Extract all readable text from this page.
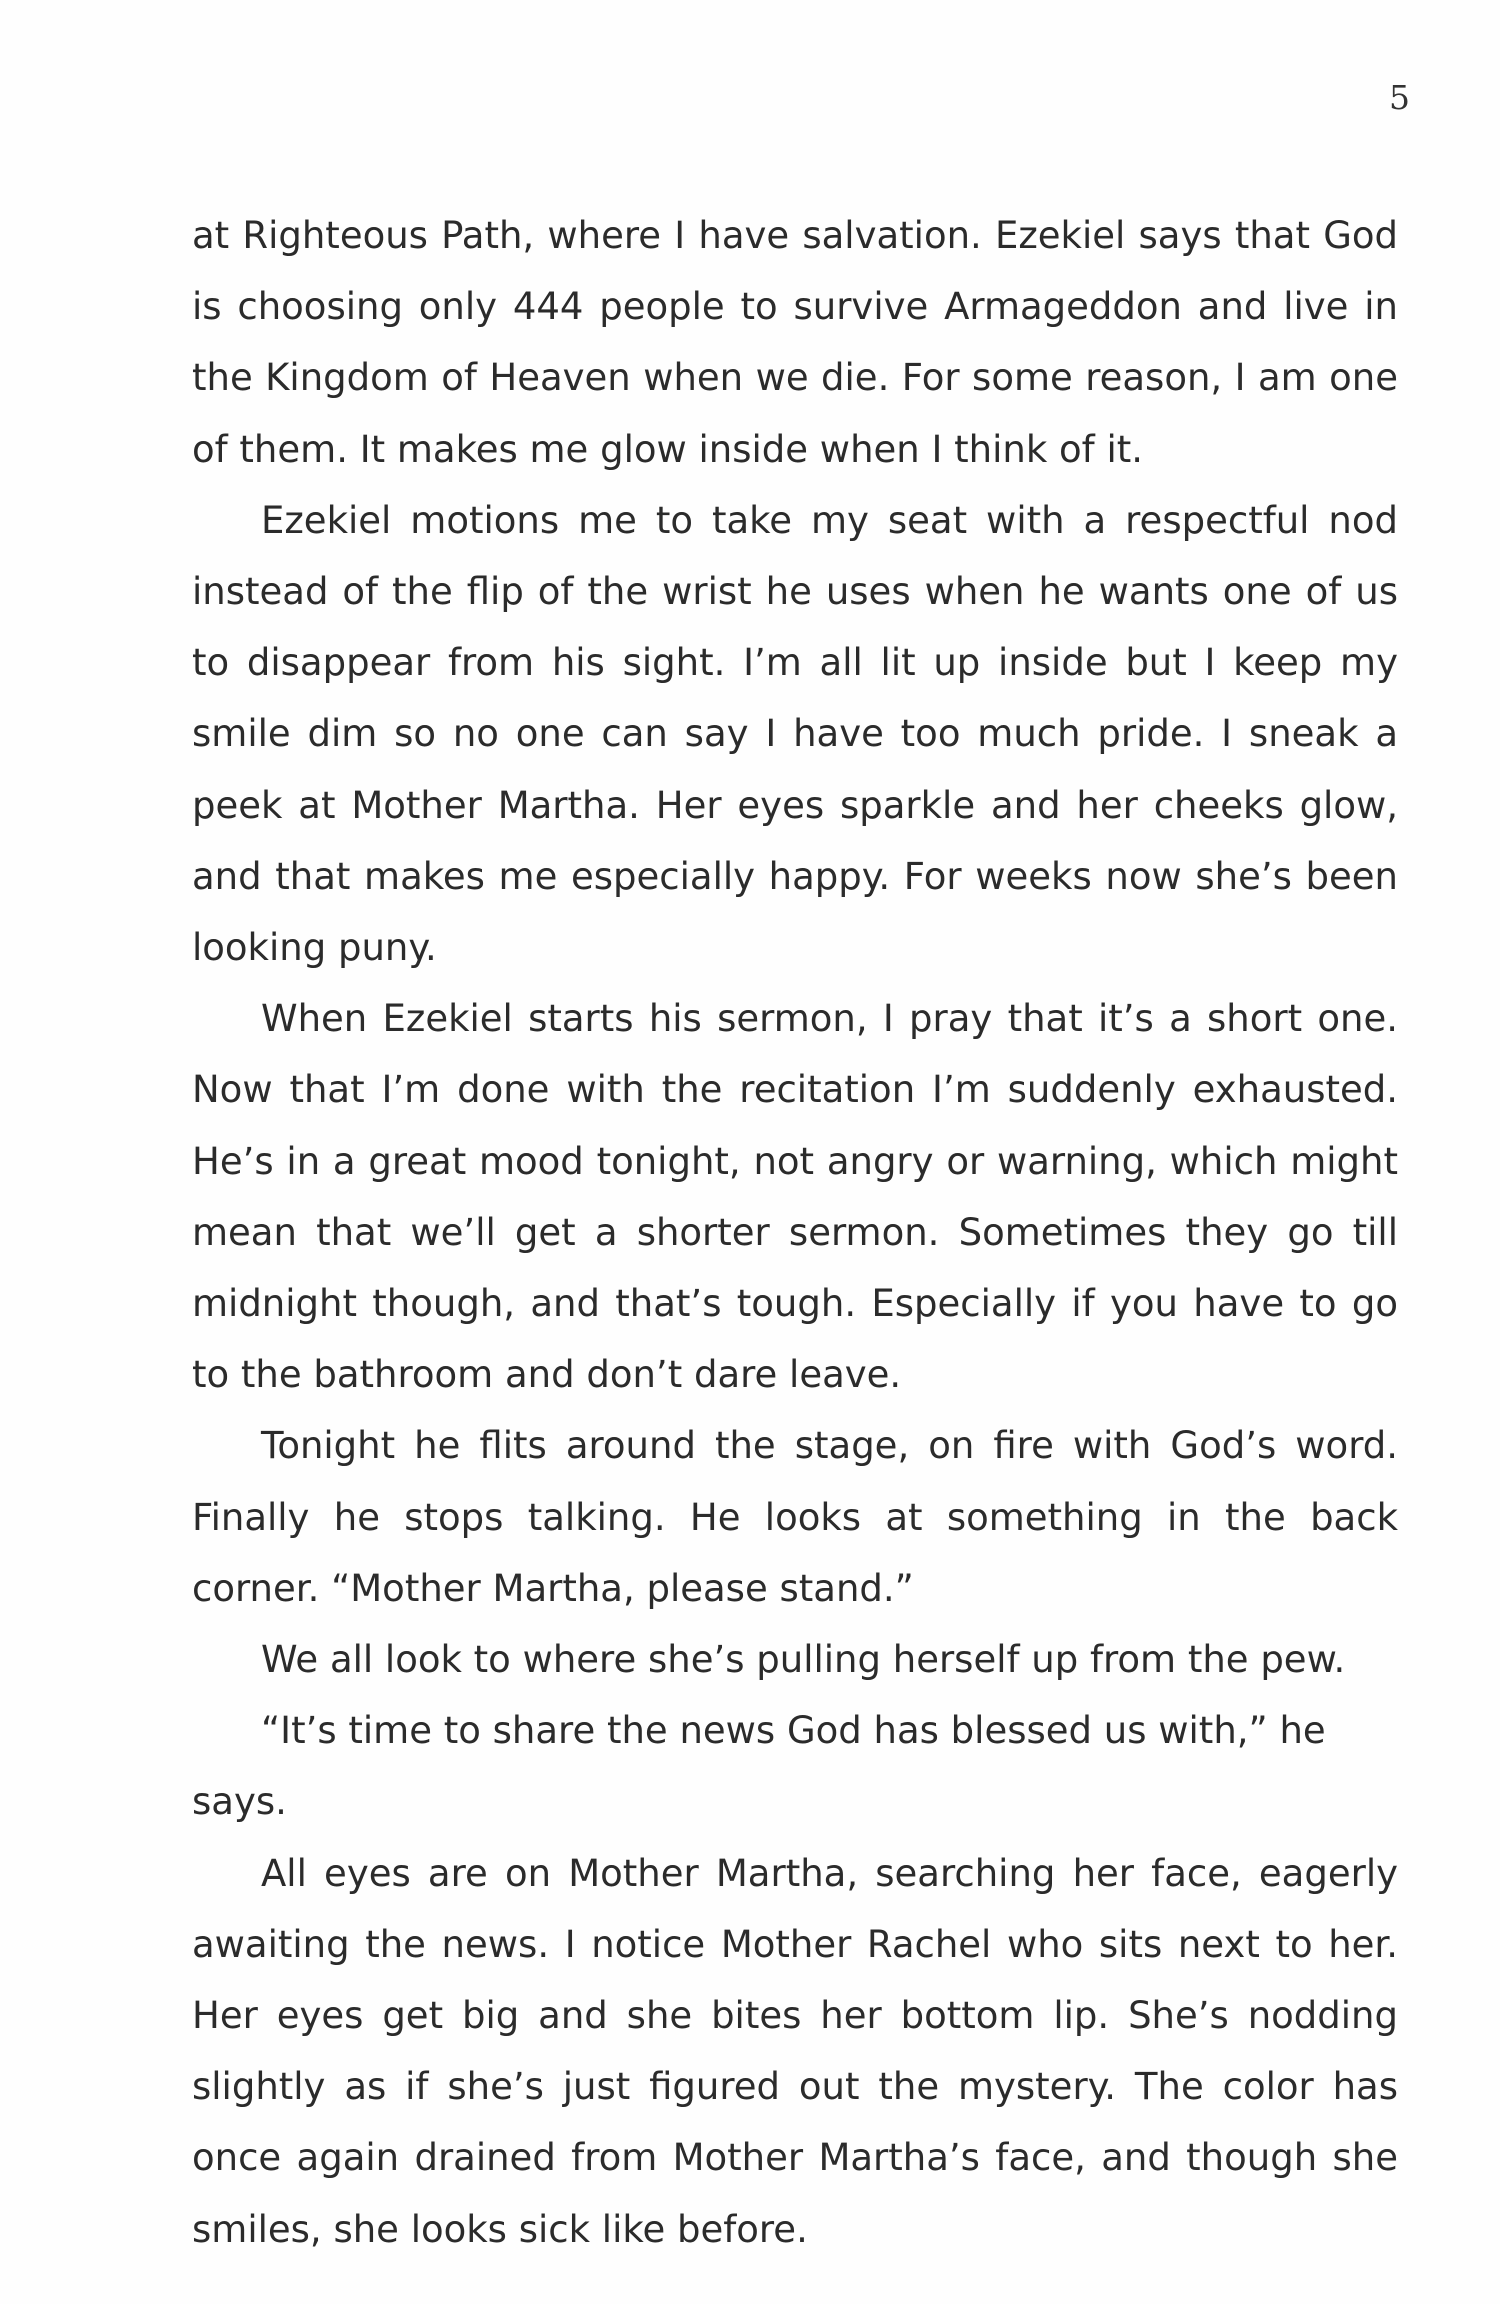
5

at Righteous Path, where I have salvation. Ezekiel says that God is choosing only 444 people to survive Armageddon and live in the Kingdom of Heaven when we die. For some reason, I am one of them. It makes me glow inside when I think of it.

Ezekiel motions me to take my seat with a respectful nod instead of the flip of the wrist he uses when he wants one of us to disappear from his sight. I’m all lit up inside but I keep my smile dim so no one can say I have too much pride. I sneak a peek at Mother Martha. Her eyes sparkle and her cheeks glow, and that makes me especially happy. For weeks now she’s been looking puny.

When Ezekiel starts his sermon, I pray that it’s a short one. Now that I’m done with the recitation I’m suddenly exhausted. He’s in a great mood tonight, not angry or warning, which might mean that we’ll get a shorter sermon. Sometimes they go till midnight though, and that’s tough. Especially if you have to go to the bathroom and don’t dare leave.

Tonight he flits around the stage, on fire with God’s word. Finally he stops talking. He looks at something in the back corner. “Mother Martha, please stand.”

We all look to where she’s pulling herself up from the pew.

“It’s time to share the news God has blessed us with,” he says.

All eyes are on Mother Martha, searching her face, eagerly awaiting the news. I notice Mother Rachel who sits next to her. Her eyes get big and she bites her bottom lip. She’s nodding slightly as if she’s just figured out the mystery. The color has once again drained from Mother Martha’s face, and though she smiles, she looks sick like before.
